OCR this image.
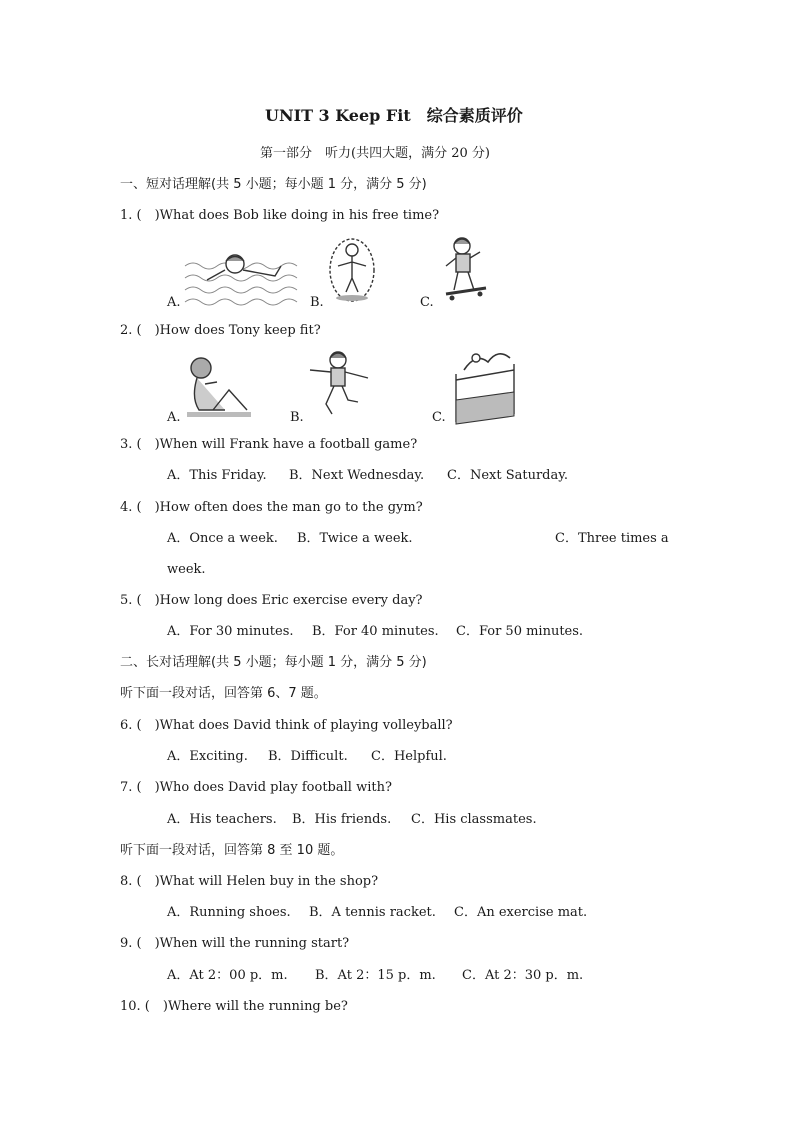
UNIT 3 Keep Fit　综合素质评价
第一部分　听力(共四大题，满分 20 分)
一、短对话理解(共 5 小题；每小题 1 分，满分 5 分)
1. (　)What does Bob like doing in his free time?
A.	B.	C.
2. (　)How does Tony keep fit?
A.	B.	C.
3. (　)When will Frank have a football game?
A．This Friday. B．Next Wednesday. C．Next Saturday.
4. (　)How often does the man go to the gym?
A．Once a week. B．Twice a week.	C．Three times a
week.
5. (　)How long does Eric exercise every day?
A．For 30 minutes. B．For 40 minutes. C．For 50 minutes.
二、长对话理解(共 5 小题；每小题 1 分，满分 5 分)
听下面一段对话，回答第 6、7 题。
6. (　)What does David think of playing volleyball?
A．Exciting. B．Difficult. C．Helpful.
7. (　)Who does David play football with?
A．His teachers. B．His friends. C．His classmates.
听下面一段对话，回答第 8 至 10 题。
8. (　)What will Helen buy in the shop?
A．Running shoes. B．A tennis racket. C．An exercise mat.
9. (　)When will the running start?
A．At 2：00 p．m. B．At 2：15 p．m. C．At 2：30 p．m.
10. (　)Where will the running be?
